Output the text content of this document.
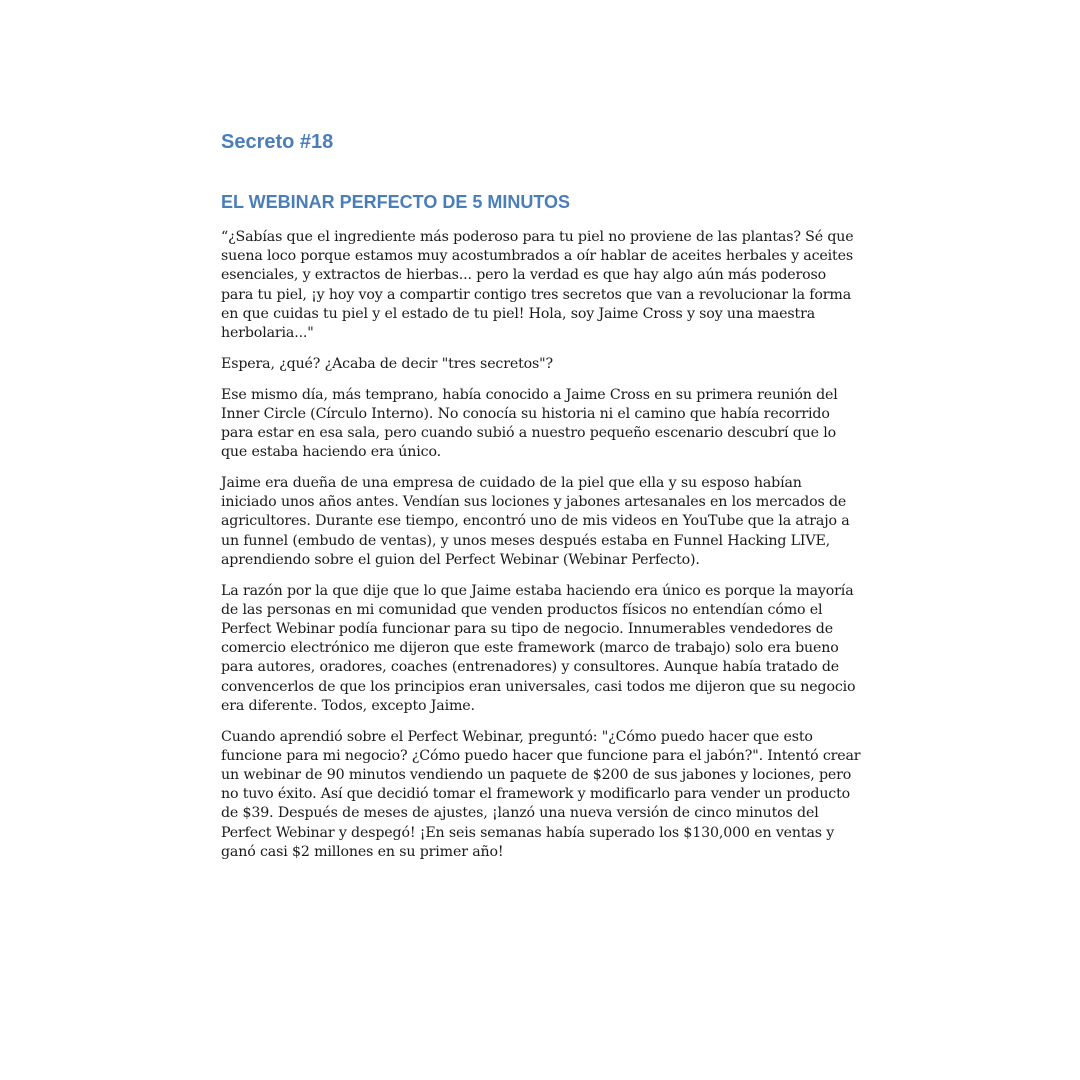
Secreto #18
EL WEBINAR PERFECTO DE 5 MINUTOS

“¿Sabías que el ingrediente más poderoso para tu piel no proviene de las plantas? Sé que suena loco porque estamos muy acostumbrados a oír hablar de aceites herbales y aceites esenciales, y extractos de hierbas... pero la verdad es que hay algo aún más poderoso para tu piel, ¡y hoy voy a compartir contigo tres secretos que van a revolucionar la forma en que cuidas tu piel y el estado de tu piel! Hola, soy Jaime Cross y soy una maestra herbolaria..."

Espera, ¿qué? ¿Acaba de decir "tres secretos"?

Ese mismo día, más temprano, había conocido a Jaime Cross en su primera reunión del Inner Circle (Círculo Interno). No conocía su historia ni el camino que había recorrido para estar en esa sala, pero cuando subió a nuestro pequeño escenario descubrí que lo que estaba haciendo era único.

Jaime era dueña de una empresa de cuidado de la piel que ella y su esposo habían iniciado unos años antes. Vendían sus lociones y jabones artesanales en los mercados de agricultores. Durante ese tiempo, encontró uno de mis videos en YouTube que la atrajo a un funnel (embudo de ventas), y unos meses después estaba en Funnel Hacking LIVE, aprendiendo sobre el guion del Perfect Webinar (Webinar Perfecto).

La razón por la que dije que lo que Jaime estaba haciendo era único es porque la mayoría de las personas en mi comunidad que venden productos físicos no entendían cómo el Perfect Webinar podía funcionar para su tipo de negocio. Innumerables vendedores de comercio electrónico me dijeron que este framework (marco de trabajo) solo era bueno para autores, oradores, coaches (entrenadores) y consultores. Aunque había tratado de convencerlos de que los principios eran universales, casi todos me dijeron que su negocio era diferente. Todos, excepto Jaime.

Cuando aprendió sobre el Perfect Webinar, preguntó: "¿Cómo puedo hacer que esto funcione para mi negocio? ¿Cómo puedo hacer que funcione para el jabón?". Intentó crear un webinar de 90 minutos vendiendo un paquete de $200 de sus jabones y lociones, pero no tuvo éxito. Así que decidió tomar el framework y modificarlo para vender un producto de $39. Después de meses de ajustes, ¡lanzó una nueva versión de cinco minutos del Perfect Webinar y despegó! ¡En seis semanas había superado los $130,000 en ventas y ganó casi $2 millones en su primer año!
